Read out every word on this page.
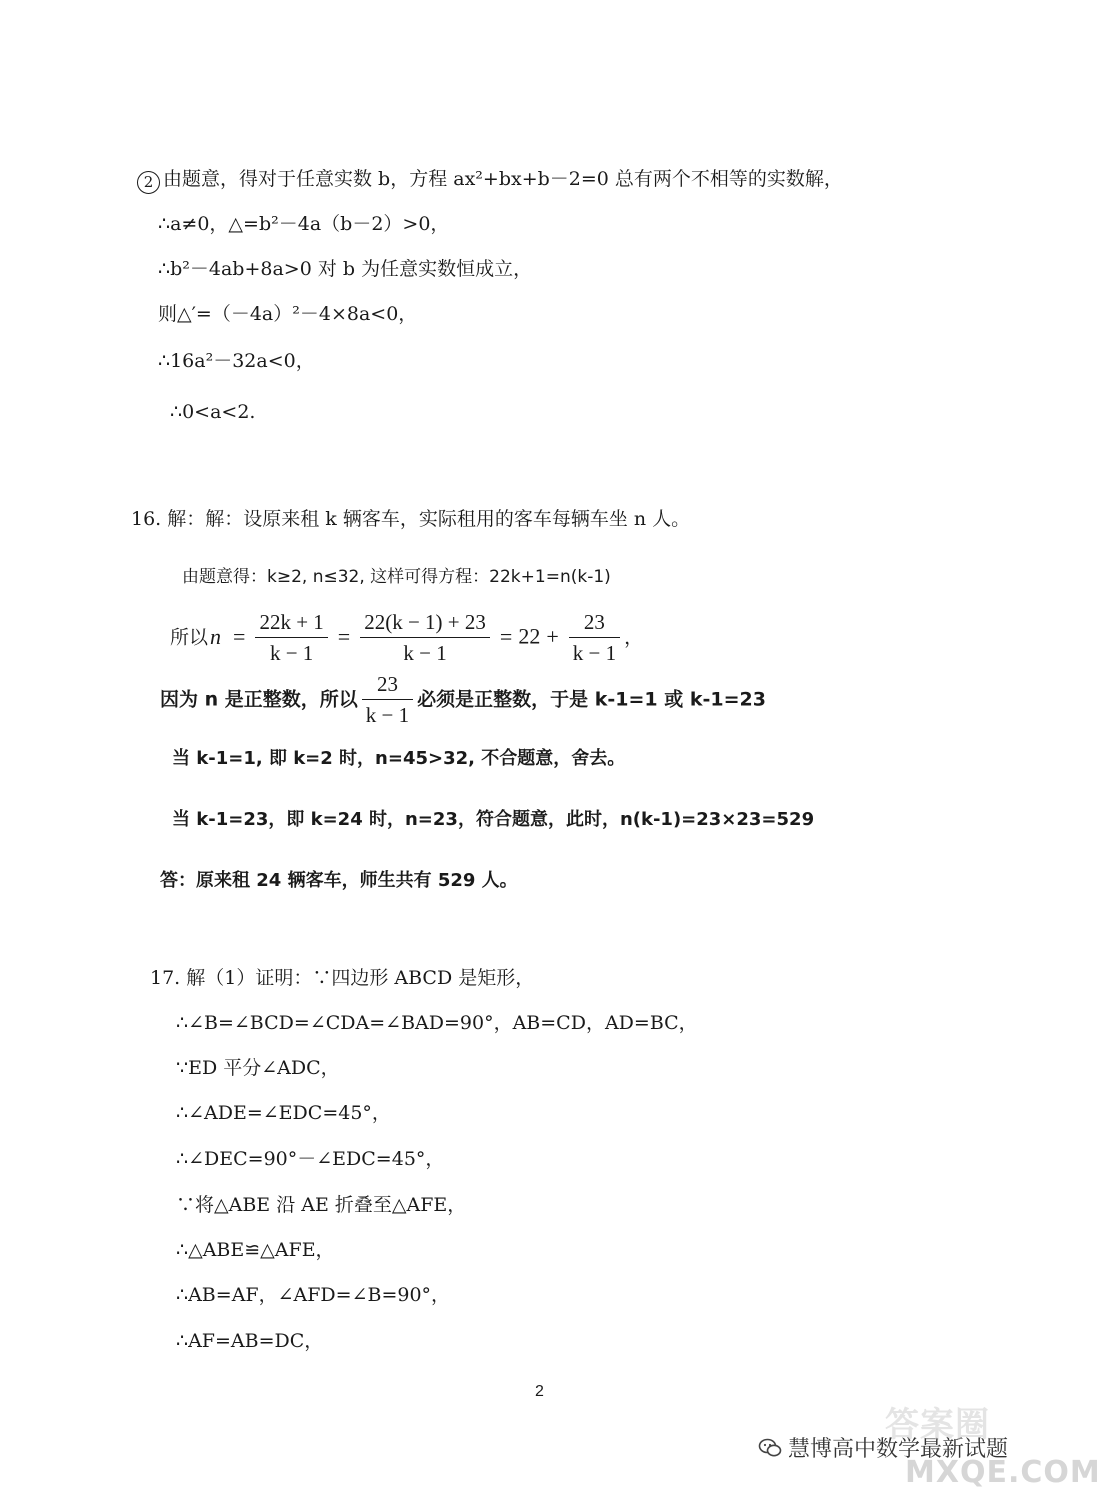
2 由题意，得对于任意实数 b，方程 ax²+bx+b－2=0 总有两个不相等的实数解，
∴a≠0，△=b²－4a（b－2）>0，
∴b²－4ab+8a>0 对 b 为任意实数恒成立，
则△′=（－4a）²－4×8a<0，
∴16a²－32a<0，
∴0<a<2.
16. 解：解：设原来租 k 辆客车，实际租用的客车每辆车坐 n 人。
由题意得：k≥2, n≤32, 这样可得方程：22k+1=n(k-1)
所以$n = \frac{22k + 1}{k - 1} = \frac{22(k - 1) + 23}{k - 1} = 22 + \frac{23}{k - 1}$ ，
因为 n 是正整数，所以 $\frac{23}{k - 1}$ 必须是正整数，于是 k-1=1 或 k-1=23
当 k-1=1, 即 k=2 时，n=45>32, 不合题意，舍去。
当 k-1=23，即 k=24 时，n=23，符合题意，此时，n(k-1)=23×23=529
答：原来租 24 辆客车，师生共有 529 人。
17. 解（1）证明：∵四边形 ABCD 是矩形，
∴∠B=∠BCD=∠CDA=∠BAD=90°，AB=CD，AD=BC，
∵ED 平分∠ADC，
∴∠ADE=∠EDC=45°，
∴∠DEC=90°－∠EDC=45°，
∵将△ABE 沿 AE 折叠至△AFE，
∴△ABE≌△AFE，
∴AB=AF，∠AFD=∠B=90°，
∴AF=AB=DC，
2
慧博高中数学最新试题
答案圈
MXQE.COM
